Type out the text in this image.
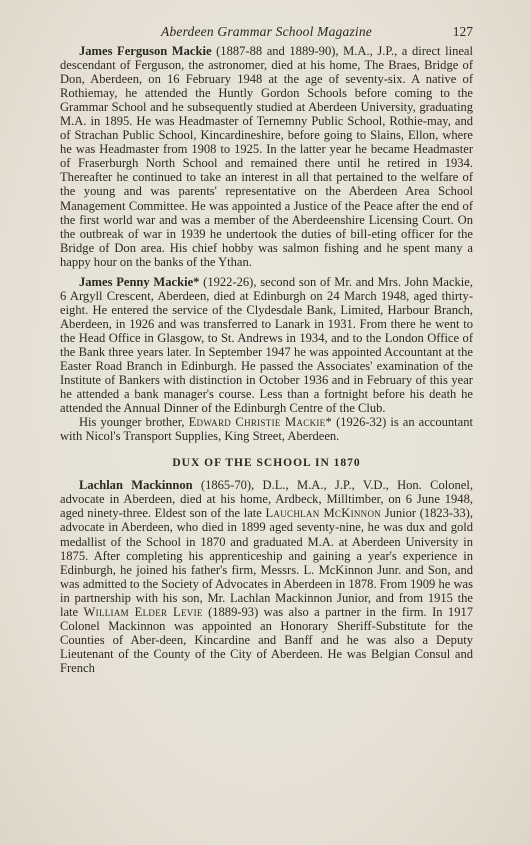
Aberdeen Grammar School Magazine	127

James Ferguson Mackie (1887-88 and 1889-90), M.A., J.P., a direct lineal descendant of Ferguson, the astronomer, died at his home, The Braes, Bridge of Don, Aberdeen, on 16 February 1948 at the age of seventy-six. A native of Rothiemay, he attended the Huntly Gordon Schools before coming to the Grammar School and he subsequently studied at Aberdeen University, graduating M.A. in 1895. He was Headmaster of Ternemny Public School, Rothie-may, and of Strachan Public School, Kincardineshire, before going to Slains, Ellon, where he was Headmaster from 1908 to 1925. In the latter year he became Headmaster of Fraserburgh North School and remained there until he retired in 1934. Thereafter he continued to take an interest in all that pertained to the welfare of the young and was parents' representative on the Aberdeen Area School Management Committee. He was appointed a Justice of the Peace after the end of the first world war and was a member of the Aberdeenshire Licensing Court. On the outbreak of war in 1939 he undertook the duties of bill-eting officer for the Bridge of Don area. His chief hobby was salmon fishing and he spent many a happy hour on the banks of the Ythan.

James Penny Mackie* (1922-26), second son of Mr. and Mrs. John Mackie, 6 Argyll Crescent, Aberdeen, died at Edinburgh on 24 March 1948, aged thirty-eight. He entered the service of the Clydesdale Bank, Limited, Harbour Branch, Aberdeen, in 1926 and was transferred to Lanark in 1931. From there he went to the Head Office in Glasgow, to St. Andrews in 1934, and to the London Office of the Bank three years later. In September 1947 he was appointed Accountant at the Easter Road Branch in Edinburgh. He passed the Associates' examination of the Institute of Bankers with distinction in October 1936 and in February of this year he attended a bank manager's course. Less than a fortnight before his death he attended the Annual Dinner of the Edinburgh Centre of the Club.

His younger brother, Edward Christie Mackie* (1926-32) is an accountant with Nicol's Transport Supplies, King Street, Aberdeen.

DUX OF THE SCHOOL IN 1870

Lachlan Mackinnon (1865-70), D.L., M.A., J.P., V.D., Hon. Colonel, advocate in Aberdeen, died at his home, Ardbeck, Milltimber, on 6 June 1948, aged ninety-three. Eldest son of the late Lauchlan McKinnon Junior (1823-33), advocate in Aberdeen, who died in 1899 aged seventy-nine, he was dux and gold medallist of the School in 1870 and graduated M.A. at Aberdeen University in 1875. After completing his apprenticeship and gaining a year's experience in Edinburgh, he joined his father's firm, Messrs. L. McKinnon Junr. and Son, and was admitted to the Society of Advocates in Aberdeen in 1878. From 1909 he was in partnership with his son, Mr. Lachlan Mackinnon Junior, and from 1915 the late William Elder Levie (1889-93) was also a partner in the firm. In 1917 Colonel Mackinnon was appointed an Honorary Sheriff-Substitute for the Counties of Aber-deen, Kincardine and Banff and he was also a Deputy Lieutenant of the County of the City of Aberdeen. He was Belgian Consul and French
